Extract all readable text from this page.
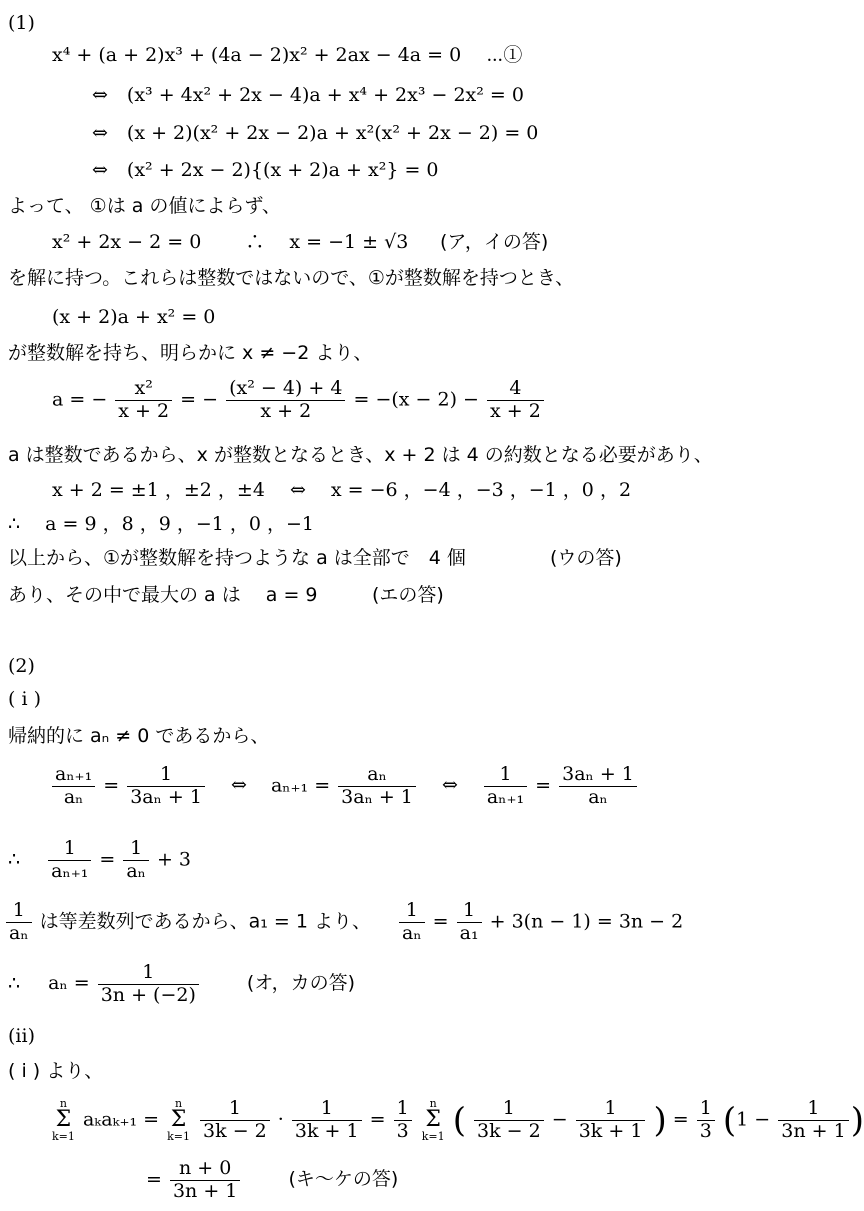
(1)
x⁴ + (a + 2)x³ + (4a − 2)x² + 2ax − 4a = 0　 ⋯①
⇔　(x³ + 4x² + 2x − 4)a + x⁴ + 2x³ − 2x² = 0
⇔　(x + 2)(x² + 2x − 2)a + x²(x² + 2x − 2) = 0
⇔　(x² + 2x − 2){(x + 2)a + x²} = 0
よって、 ①は a の値によらず、
x² + 2x − 2 = 0　　 ∴　 x = −1 ± √3 (ア，イの答)
を解に持つ。これらは整数ではないので、①が整数解を持つとき、
(x + 2)a + x² = 0
が整数解を持ち、明らかに x ≠ −2 より、
a = − $\frac{\text{x²}}{x + 2}$ = − $\frac{\text{(x² − 4) + 4}}{x + 2} = -(x - 2) - \frac{4}{x + 2}$
a は整数であるから、x が整数となるとき、x + 2 は 4 の約数となる必要があり、
x + 2 = ±1 ，±2 ，±4　 ⇔　 x = −6 ，−4 ，−3 ，−1 ，0 ，2
∴　 a = 9 ，8 ，9 ，−1 ，0 ，−1
以上から、①が整数解を持つような a は全部で　4 個	(ウの答)
あり、その中で最大の a は　 a = 9	(エの答)
(2)
( i )
帰納的に aₙ ≠ 0 であるから、
$\frac{\text{aₙ₊₁}}{\text{aₙ}} = \frac{1}{\text{3aₙ + 1}}$ ⇔ $a_{n+1} = \frac{\text{aₙ}}{\text{3aₙ + 1}}$ ⇔ $\frac{1}{\text{aₙ₊₁}} = \frac{\text{3aₙ + 1}}{\text{aₙ}}$
∴ $\frac{1}{\text{aₙ₊₁}} = \frac{1}{\text{aₙ}} + 3$
$\frac{1}{\text{aₙ}}$ は等差数列であるから、a₁ = 1 より、 $\frac{1}{\text{aₙ}} = \frac{1}{\text{a₁}} + 3(n - 1) = 3n - 2$
∴ $a_n = \frac{1}{3n + (-2)}$	(オ，カの答)
(ii)
( i ) より、
n
Σ
k=1 aₖaₖ₊₁ = n
Σ
$k=1 \frac{1}{3k - 2} \cdot \frac{1}{3k + 1} = \frac{1}{3}$ n
Σ
k=1 ( $\frac{1}{3k - 2} - \frac{1}{3k + 1}$ ) = $\frac{1}{3} (1 - \frac{1}{3n + 1}$ )
= $\frac{n + 0}{3n + 1}$	(キ〜ケの答)
